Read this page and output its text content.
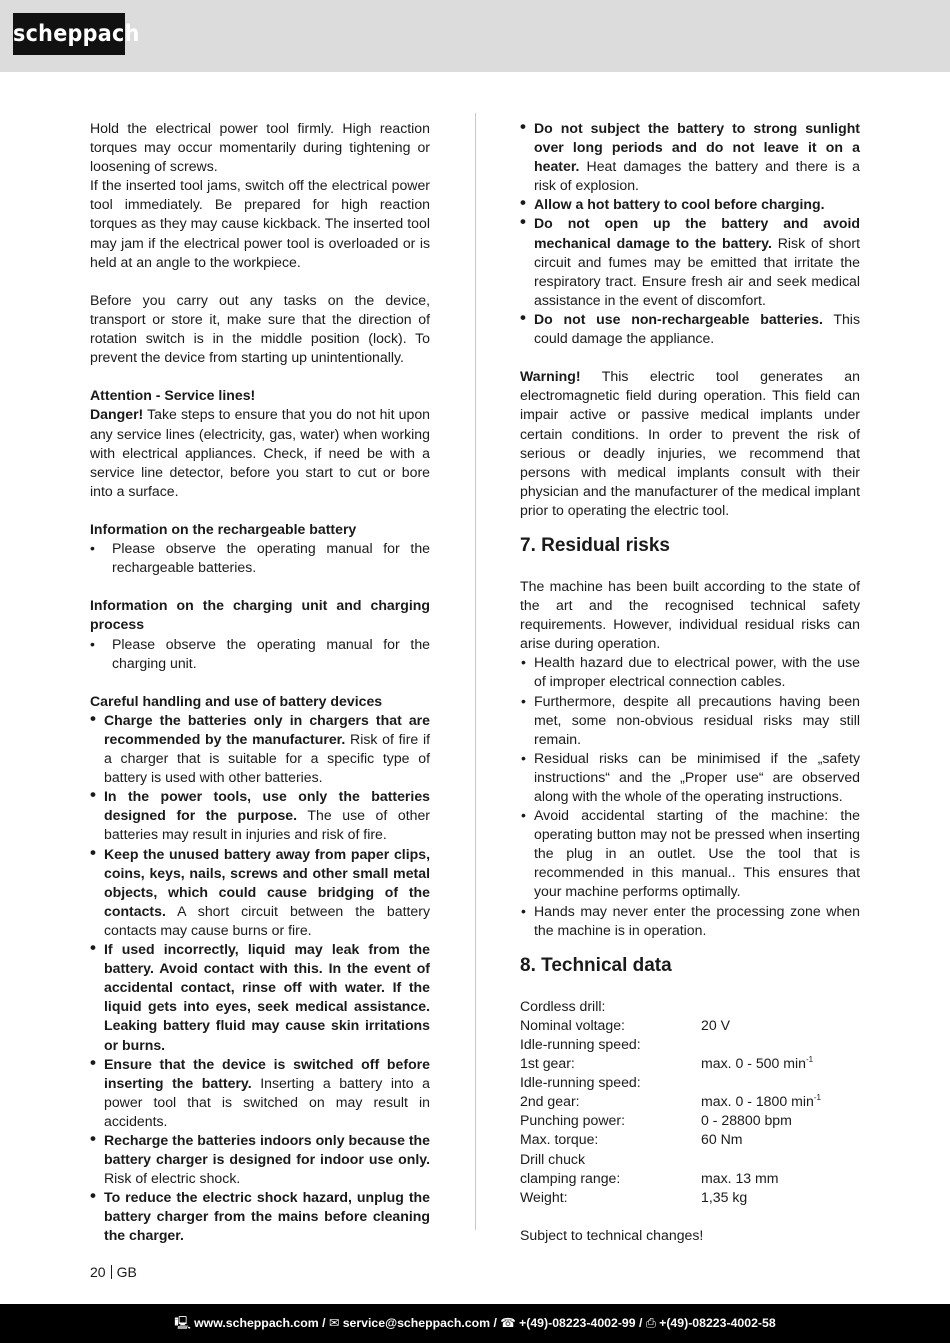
scheppach

Hold the electrical power tool firmly. High reaction torques may occur momentarily during tightening or loosening of screws.

If the inserted tool jams, switch off the electrical power tool immediately. Be prepared for high reaction torques as they may cause kickback. The inserted tool may jam if the electrical power tool is overloaded or is held at an angle to the workpiece.

Before you carry out any tasks on the device, transport or store it, make sure that the direction of rotation switch is in the middle position (lock). To prevent the device from starting up unintentionally.

Attention - Service lines!

Danger! Take steps to ensure that you do not hit upon any service lines (electricity, gas, water) when working with electrical appliances. Check, if need be with a service line detector, before you start to cut or bore into a surface.

Information on the rechargeable battery

• Please observe the operating manual for the rechargeable batteries.

Information on the charging unit and charging process

• Please observe the operating manual for the charging unit.

Careful handling and use of battery devices

• Charge the batteries only in chargers that are recommended by the manufacturer. Risk of fire if a charger that is suitable for a specific type of battery is used with other batteries.
• In the power tools, use only the batteries designed for the purpose. The use of other batteries may result in injuries and risk of fire.
• Keep the unused battery away from paper clips, coins, keys, nails, screws and other small metal objects, which could cause bridging of the contacts. A short circuit between the battery contacts may cause burns or fire.
• If used incorrectly, liquid may leak from the battery. Avoid contact with this. In the event of accidental contact, rinse off with water. If the liquid gets into eyes, seek medical assistance. Leaking battery fluid may cause skin irritations or burns.
• Ensure that the device is switched off before inserting the battery. Inserting a battery into a power tool that is switched on may result in accidents.
• Recharge the batteries indoors only because the battery charger is designed for indoor use only. Risk of electric shock.
• To reduce the electric shock hazard, unplug the battery charger from the mains before cleaning the charger.
• Do not subject the battery to strong sunlight over long periods and do not leave it on a heater. Heat damages the battery and there is a risk of explosion.
• Allow a hot battery to cool before charging.
• Do not open up the battery and avoid mechanical damage to the battery. Risk of short circuit and fumes may be emitted that irritate the respiratory tract. Ensure fresh air and seek medical assistance in the event of discomfort.
• Do not use non-rechargeable batteries. This could damage the appliance.

Warning! This electric tool generates an electromagnetic field during operation. This field can impair active or passive medical implants under certain conditions. In order to prevent the risk of serious or deadly injuries, we recommend that persons with medical implants consult with their physician and the manufacturer of the medical implant prior to operating the electric tool.

7. Residual risks

The machine has been built according to the state of the art and the recognised technical safety requirements. However, individual residual risks can arise during operation.

• Health hazard due to electrical power, with the use of improper electrical connection cables.
• Furthermore, despite all precautions having been met, some non-obvious residual risks may still remain.
• Residual risks can be minimised if the „safety instructions“ and the „Proper use“ are observed along with the whole of the operating instructions.
• Avoid accidental starting of the machine: the operating button may not be pressed when inserting the plug in an outlet. Use the tool that is recommended in this manual.. This ensures that your machine performs optimally.
• Hands may never enter the processing zone when the machine is in operation.
8. Technical data
Cordless drill:	
Nominal voltage:	20 V
Idle-running speed:	
1st gear:	max. 0 - 500 $\min^{-1}$
Idle-running speed:	
2nd gear:	max. 0 - 1800 $\min^{-1}$
Punching power:	0 - 28800 bpm
Max. torque:	60 Nm
Drill chuck	
clamping range:	max. 13 mm
Weight:	1,35 kg

Subject to technical changes!

20 GB
🖳︎ www.scheppach.com / ✉︎ service@scheppach.com / ☎︎ +(49)-08223-4002-99 / ⎙ +(49)-08223-4002-58
